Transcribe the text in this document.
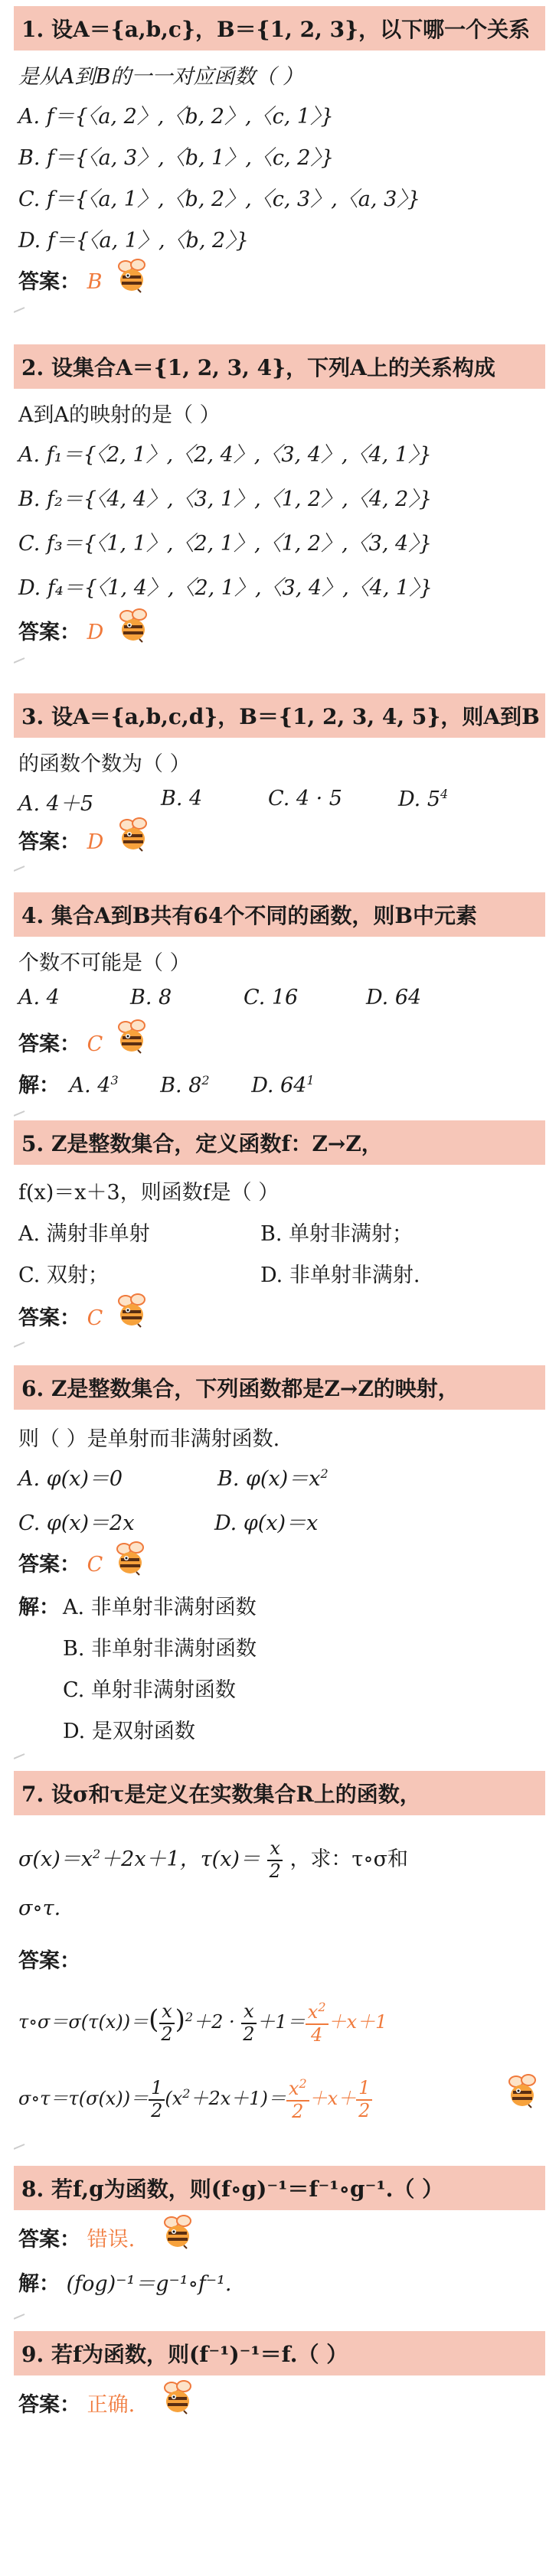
1. 设A＝{a,b,c}，B＝{1, 2, 3}，以下哪一个关系
是从A到B的一一对应函数（ ）
A. f＝{〈a, 2〉,〈b, 2〉,〈c, 1〉}
B. f＝{〈a, 3〉,〈b, 1〉,〈c, 2〉}
C. f＝{〈a, 1〉,〈b, 2〉,〈c, 3〉,〈a, 3〉}
D. f＝{〈a, 1〉,〈b, 2〉}
答案： B
2. 设集合A＝{1, 2, 3, 4}，下列A上的关系构成
A到A的映射的是（ ）
A. f₁＝{〈2, 1〉,〈2, 4〉,〈3, 4〉,〈4, 1〉}
B. f₂＝{〈4, 4〉,〈3, 1〉,〈1, 2〉,〈4, 2〉}
C. f₃＝{〈1, 1〉,〈2, 1〉,〈1, 2〉,〈3, 4〉}
D. f₄＝{〈1, 4〉,〈2, 1〉,〈3, 4〉,〈4, 1〉}
答案： D
3. 设A＝{a,b,c,d}，B＝{1, 2, 3, 4, 5}，则A到B
的函数个数为（ ）
A. 4＋5	B. 4	C. 4 · 5	D. $5^4$
答案： D
4. 集合A到B共有64个不同的函数，则B中元素
个数不可能是（ ）
A. 4	B. 8	C. 16	D. 64
答案： C
解： A. $4^3$ B. $8^2$ D. $64^1$
5. Z是整数集合，定义函数f：Z→Z，
f(x)＝x＋3，则函数f是（ ）
A. 满射非单射	B. 单射非满射；
C. 双射；	D. 非单射非满射.
答案： C
6. Z是整数集合，下列函数都是Z→Z的映射，
则（ ）是单射而非满射函数.
A. φ(x)＝0	B. $\varphi(x)=x^2$
C. φ(x)＝2x	D. φ(x)＝x
答案： C
解： A. 非单射非满射函数
B. 非单射非满射函数
C. 单射非满射函数
D. 是双射函数
7. 设σ和τ是定义在实数集合R上的函数，
$\sigma(x)=x^2+2x+1$，$\tau(x)= \frac{x}{2}$ ，求：τ∘σ和
σ∘τ.
答案：
τ∘σ＝σ(τ(x))＝( $\frac{x}{2} )^2+2 \cdot \frac{x}{2} +1= \frac{x^2}{4} +x+1$
σ∘τ＝τ(σ(x))＝ $\frac{1}{2} (x^2+2x+1)= \frac{x^2}{2} +x+ \frac{1}{2}$
8. 若f,g为函数，则(f∘g)⁻¹＝f⁻¹∘g⁻¹.（ ）
答案： 错误.
解： (fog)⁻¹＝g⁻¹∘f⁻¹.
9. 若f为函数，则(f⁻¹)⁻¹＝f.（ ）
答案： 正确.
